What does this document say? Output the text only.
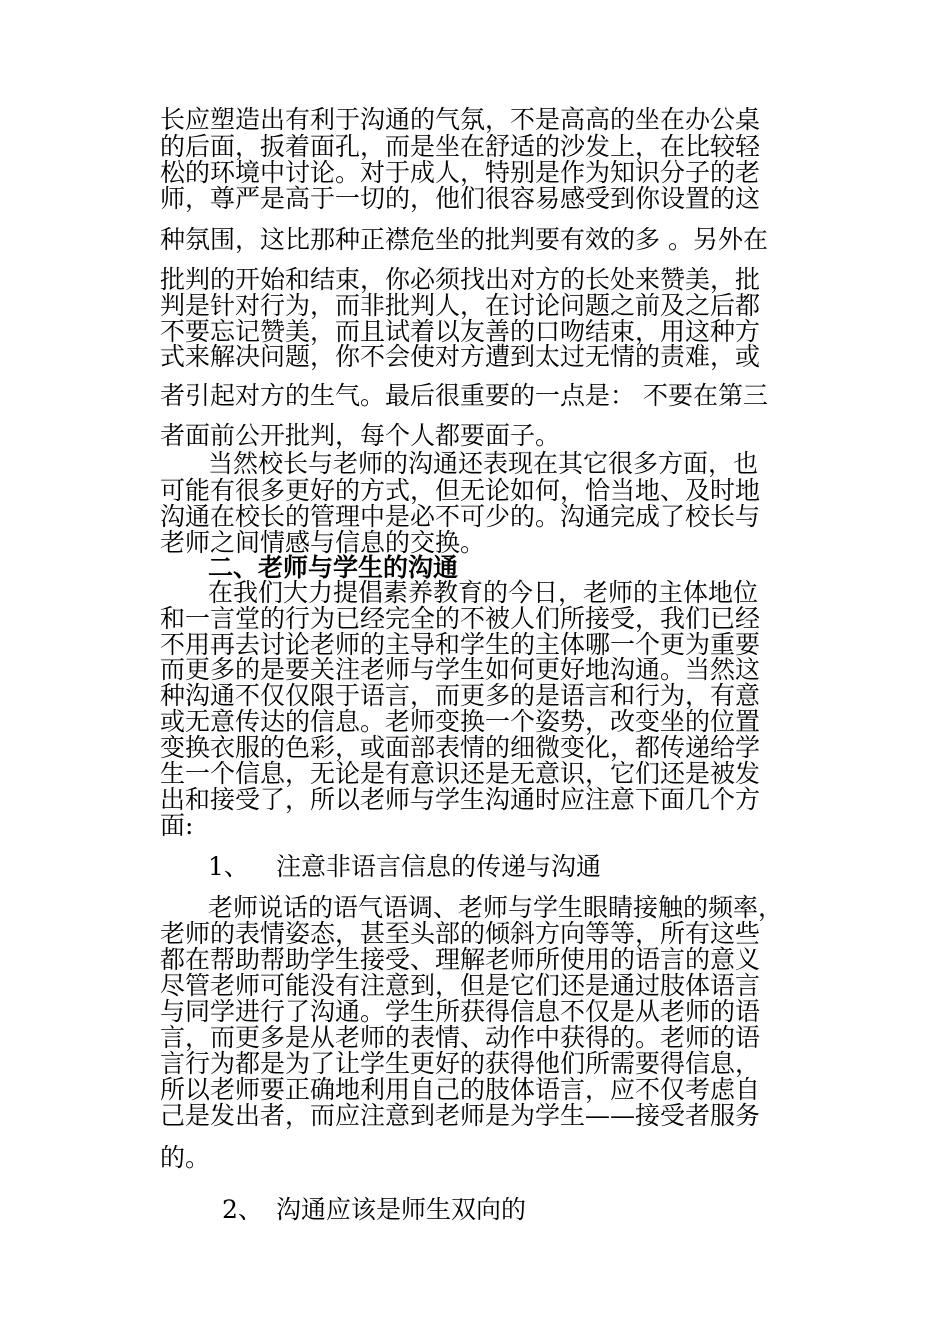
长应塑造出有利于沟通的气氛，不是高高的坐在办公桌
的后面，扳着面孔，而是坐在舒适的沙发上，在比较轻
松的环境中讨论。对于成人，特别是作为知识分子的老
师，尊严是高于一切的，他们很容易感受到你设置的这
种氛围，这比那种正襟危坐的批判要有效的多 。另外在
批判的开始和结束，你必须找出对方的长处来赞美，批
判是针对行为，而非批判人，在讨论问题之前及之后都
不要忘记赞美，而且试着以友善的口吻结束，用这种方
式来解决问题，你不会使对方遭到太过无情的责难，或
者引起对方的生气。最后很重要的一点是： 不要在第三
者面前公开批判，每个人都要面子。
当然校长与老师的沟通还表现在其它很多方面，也
可能有很多更好的方式，但无论如何，恰当地、及时地
沟通在校长的管理中是必不可少的。沟通完成了校长与
老师之间情感与信息的交换。
二、老师与学生的沟通
在我们大力提倡素养教育的今日，老师的主体地位
和一言堂的行为已经完全的不被人们所接受，我们已经
不用再去讨论老师的主导和学生的主体哪一个更为重要
而更多的是要关注老师与学生如何更好地沟通。当然这
种沟通不仅仅限于语言，而更多的是语言和行为，有意
或无意传达的信息。老师变换一个姿势，改变坐的位置
变换衣服的色彩，或面部表情的细微变化，都传递给学
生一个信息，无论是有意识还是无意识，它们还是被发
出和接受了，所以老师与学生沟通时应注意下面几个方
面:
1、 注意非语言信息的传递与沟通
老师说话的语气语调、老师与学生眼睛接触的频率，
老师的表情姿态，甚至头部的倾斜方向等等，所有这些
都在帮助帮助学生接受、理解老师所使用的语言的意义
尽管老师可能没有注意到，但是它们还是通过肢体语言
与同学进行了沟通。学生所获得信息不仅是从老师的语
言，而更多是从老师的表情、动作中获得的。老师的语
言行为都是为了让学生更好的获得他们所需要得信息，
所以老师要正确地利用自己的肢体语言，应不仅考虑自
己是发出者，而应注意到老师是为学生——接受者服务
的。
2、 沟通应该是师生双向的
